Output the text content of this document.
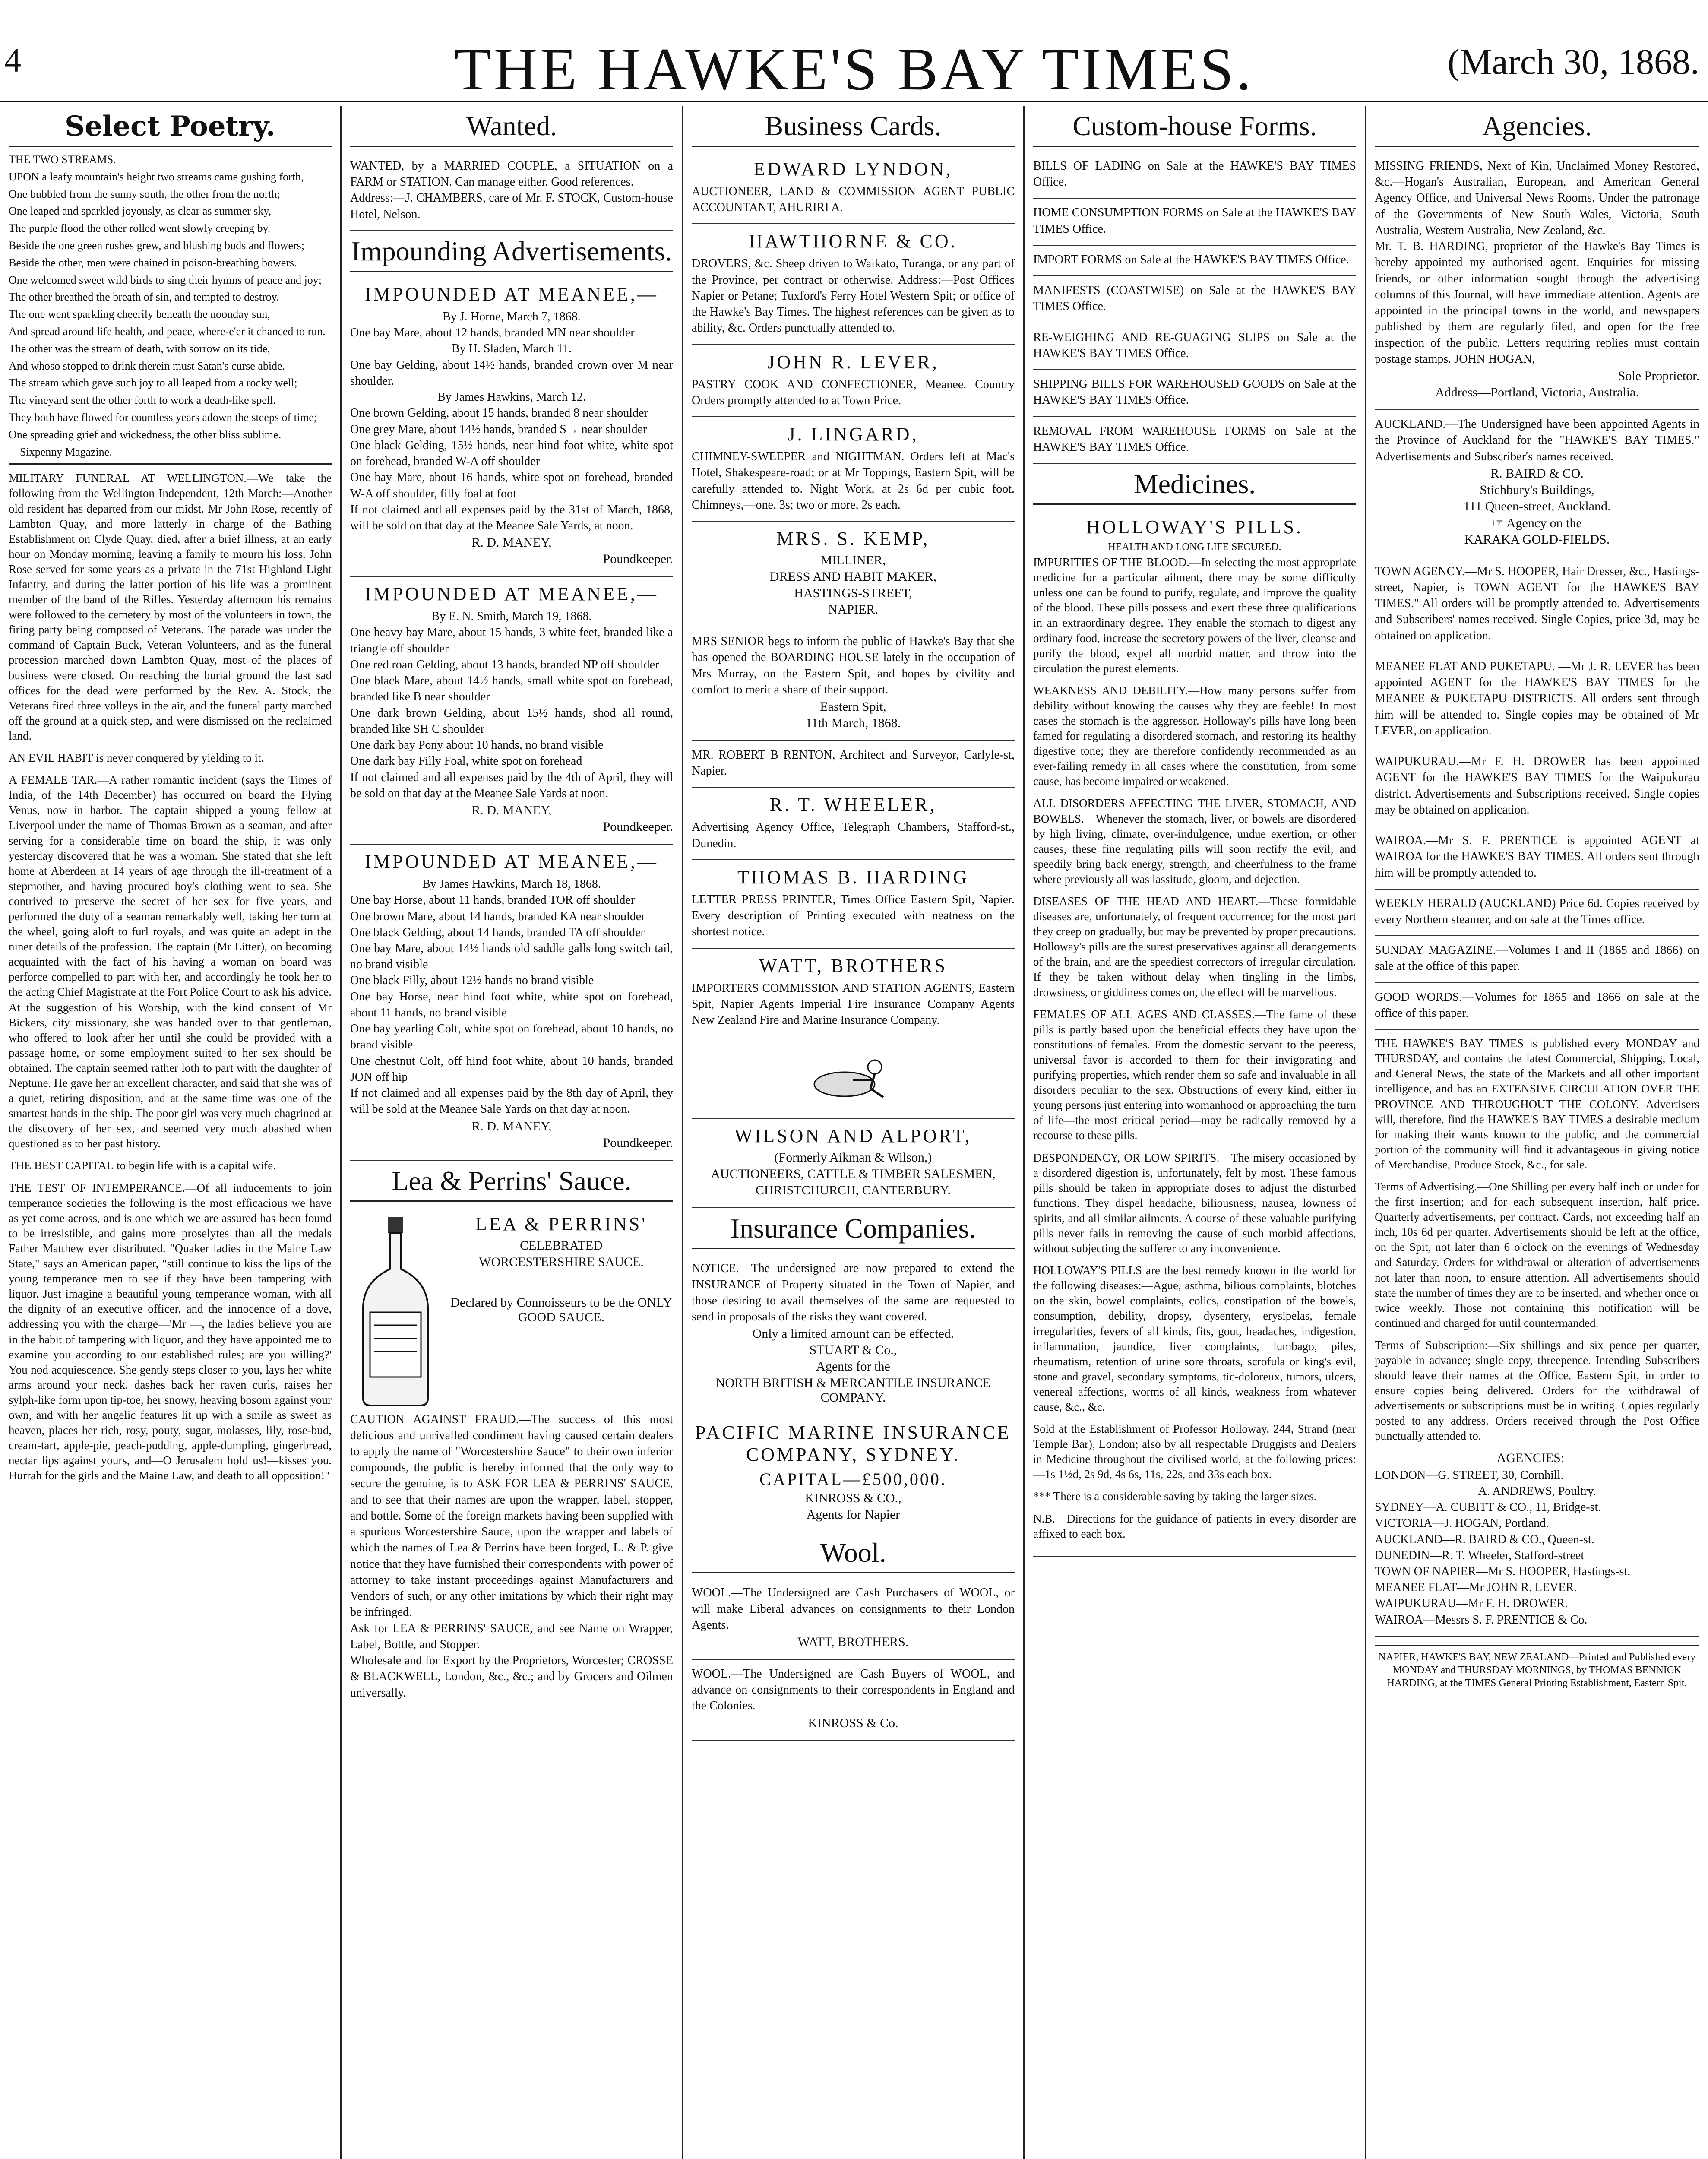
4	THE HAWKE'S BAY TIMES.	(March 30, 1868.
Select Poetry.

THE TWO STREAMS.

UPON a leafy mountain's height two streams came gushing forth,

One bubbled from the sunny south, the other from the north;

One leaped and sparkled joyously, as clear as summer sky,

The purple flood the other rolled went slowly creeping by.

Beside the one green rushes grew, and blushing buds and flowers;

Beside the other, men were chained in poison-breathing bowers.

One welcomed sweet wild birds to sing their hymns of peace and joy;

The other breathed the breath of sin, and tempted to destroy.

The one went sparkling cheerily beneath the noonday sun,

And spread around life health, and peace, where-e'er it chanced to run.

The other was the stream of death, with sorrow on its tide,

And whoso stopped to drink therein must Satan's curse abide.

The stream which gave such joy to all leaped from a rocky well;

The vineyard sent the other forth to work a death-like spell.

They both have flowed for countless years adown the steeps of time;

One spreading grief and wickedness, the other bliss sublime.

—Sixpenny Magazine.

MILITARY FUNERAL AT WELLINGTON.—We take the following from the Wellington Independent, 12th March:—Another old resident has departed from our midst. Mr John Rose, recently of Lambton Quay, and more latterly in charge of the Bathing Establishment on Clyde Quay, died, after a brief illness, at an early hour on Monday morning, leaving a family to mourn his loss. John Rose served for some years as a private in the 71st Highland Light Infantry, and during the latter portion of his life was a prominent member of the band of the Rifles. Yesterday afternoon his remains were followed to the cemetery by most of the volunteers in town, the firing party being composed of Veterans. The parade was under the command of Captain Buck, Veteran Volunteers, and as the funeral procession marched down Lambton Quay, most of the places of business were closed. On reaching the burial ground the last sad offices for the dead were performed by the Rev. A. Stock, the Veterans fired three volleys in the air, and the funeral party marched off the ground at a quick step, and were dismissed on the reclaimed land.

AN EVIL HABIT is never conquered by yielding to it.

A FEMALE TAR.—A rather romantic incident (says the Times of India, of the 14th December) has occurred on board the Flying Venus, now in harbor. The captain shipped a young fellow at Liverpool under the name of Thomas Brown as a seaman, and after serving for a considerable time on board the ship, it was only yesterday discovered that he was a woman. She stated that she left home at Aberdeen at 14 years of age through the ill-treatment of a stepmother, and having procured boy's clothing went to sea. She contrived to preserve the secret of her sex for five years, and performed the duty of a seaman remarkably well, taking her turn at the wheel, going aloft to furl royals, and was quite an adept in the niner details of the profession. The captain (Mr Litter), on becoming acquainted with the fact of his having a woman on board was perforce compelled to part with her, and accordingly he took her to the acting Chief Magistrate at the Fort Police Court to ask his advice. At the suggestion of his Worship, with the kind consent of Mr Bickers, city missionary, she was handed over to that gentleman, who offered to look after her until she could be provided with a passage home, or some employment suited to her sex should be obtained. The captain seemed rather loth to part with the daughter of Neptune. He gave her an excellent character, and said that she was of a quiet, retiring disposition, and at the same time was one of the smartest hands in the ship. The poor girl was very much chagrined at the discovery of her sex, and seemed very much abashed when questioned as to her past history.

THE BEST CAPITAL to begin life with is a capital wife.

THE TEST OF INTEMPERANCE.—Of all inducements to join temperance societies the following is the most efficacious we have as yet come across, and is one which we are assured has been found to be irresistible, and gains more proselytes than all the medals Father Matthew ever distributed. "Quaker ladies in the Maine Law State," says an American paper, "still continue to kiss the lips of the young temperance men to see if they have been tampering with liquor. Just imagine a beautiful young temperance woman, with all the dignity of an executive officer, and the innocence of a dove, addressing you with the charge—'Mr —, the ladies believe you are in the habit of tampering with liquor, and they have appointed me to examine you according to our established rules; are you willing?' You nod acquiescence. She gently steps closer to you, lays her white arms around your neck, dashes back her raven curls, raises her sylph-like form upon tip-toe, her snowy, heaving bosom against your own, and with her angelic features lit up with a smile as sweet as heaven, places her rich, rosy, pouty, sugar, molasses, lily, rose-bud, cream-tart, apple-pie, peach-pudding, apple-dumpling, gingerbread, nectar lips against yours, and—O Jerusalem hold us!—kisses you. Hurrah for the girls and the Maine Law, and death to all opposition!"

Wanted.
WANTED, by a MARRIED COUPLE, a SITUATION on a FARM or STATION. Can manage either. Good references.
Address:—J. CHAMBERS, care of Mr. F. STOCK, Custom-house Hotel, Nelson.
Impounding Advertisements.
IMPOUNDED AT MEANEE,—
By J. Horne, March 7, 1868.
One bay Mare, about 12 hands, branded MN near shoulder
By H. Sladen, March 11.
One bay Gelding, about 14½ hands, branded crown over M near shoulder.
By James Hawkins, March 12.
One brown Gelding, about 15 hands, branded 8 near shoulder
One grey Mare, about 14½ hands, branded S→ near shoulder
One black Gelding, 15½ hands, near hind foot white, white spot on forehead, branded W-A off shoulder
One bay Mare, about 16 hands, white spot on forehead, branded W-A off shoulder, filly foal at foot
If not claimed and all expenses paid by the 31st of March, 1868, will be sold on that day at the Meanee Sale Yards, at noon.
R. D. MANEY,
Poundkeeper.
IMPOUNDED AT MEANEE,—
By E. N. Smith, March 19, 1868.
One heavy bay Mare, about 15 hands, 3 white feet, branded like a triangle off shoulder
One red roan Gelding, about 13 hands, branded NP off shoulder
One black Mare, about 14½ hands, small white spot on forehead, branded like B near shoulder
One dark brown Gelding, about 15½ hands, shod all round, branded like SH C shoulder
One dark bay Pony about 10 hands, no brand visible
One dark bay Filly Foal, white spot on forehead
If not claimed and all expenses paid by the 4th of April, they will be sold on that day at the Meanee Sale Yards at noon.
R. D. MANEY,
Poundkeeper.
IMPOUNDED AT MEANEE,—
By James Hawkins, March 18, 1868.
One bay Horse, about 11 hands, branded TOR off shoulder
One brown Mare, about 14 hands, branded KA near shoulder
One black Gelding, about 14 hands, branded TA off shoulder
One bay Mare, about 14½ hands old saddle galls long switch tail, no brand visible
One black Filly, about 12½ hands no brand visible
One bay Horse, near hind foot white, white spot on forehead, about 11 hands, no brand visible
One bay yearling Colt, white spot on forehead, about 10 hands, no brand visible
One chestnut Colt, off hind foot white, about 10 hands, branded JON off hip
If not claimed and all expenses paid by the 8th day of April, they will be sold at the Meanee Sale Yards on that day at noon.
R. D. MANEY,
Poundkeeper.
Lea & Perrins' Sauce.
LEA & PERRINS'
CELEBRATED
WORCESTERSHIRE SAUCE.
Declared by Connoisseurs to be the ONLY GOOD SAUCE.
CAUTION AGAINST FRAUD.—The success of this most delicious and unrivalled condiment having caused certain dealers to apply the name of "Worcestershire Sauce" to their own inferior compounds, the public is hereby informed that the only way to secure the genuine, is to ASK FOR LEA & PERRINS' SAUCE, and to see that their names are upon the wrapper, label, stopper, and bottle. Some of the foreign markets having been supplied with a spurious Worcestershire Sauce, upon the wrapper and labels of which the names of Lea & Perrins have been forged, L. & P. give notice that they have furnished their correspondents with power of attorney to take instant proceedings against Manufacturers and Vendors of such, or any other imitations by which their right may be infringed.
Ask for LEA & PERRINS' SAUCE, and see Name on Wrapper, Label, Bottle, and Stopper.
Wholesale and for Export by the Proprietors, Worcester; CROSSE & BLACKWELL, London, &c., &c.; and by Grocers and Oilmen universally.
Business Cards.
EDWARD LYNDON,
AUCTIONEER, LAND & COMMISSION AGENT PUBLIC ACCOUNTANT, AHURIRI A.
HAWTHORNE & CO.
DROVERS, &c. Sheep driven to Waikato, Turanga, or any part of the Province, per contract or otherwise. Address:—Post Offices Napier or Petane; Tuxford's Ferry Hotel Western Spit; or office of the Hawke's Bay Times. The highest references can be given as to ability, &c. Orders punctually attended to.
JOHN R. LEVER,
PASTRY COOK AND CONFECTIONER, Meanee. Country Orders promptly attended to at Town Price.
J. LINGARD,
CHIMNEY-SWEEPER and NIGHTMAN. Orders left at Mac's Hotel, Shakespeare-road; or at Mr Toppings, Eastern Spit, will be carefully attended to. Night Work, at 2s 6d per cubic foot. Chimneys,—one, 3s; two or more, 2s each.
MRS. S. KEMP,
MILLINER,
DRESS AND HABIT MAKER,
HASTINGS-STREET,
NAPIER.
MRS SENIOR begs to inform the public of Hawke's Bay that she has opened the BOARDING HOUSE lately in the occupation of Mrs Murray, on the Eastern Spit, and hopes by civility and comfort to merit a share of their support.
Eastern Spit,
11th March, 1868.
MR. ROBERT B RENTON, Architect and Surveyor, Carlyle-st, Napier.
R. T. WHEELER,
Advertising Agency Office, Telegraph Chambers, Stafford-st., Dunedin.
THOMAS B. HARDING
LETTER PRESS PRINTER, Times Office Eastern Spit, Napier. Every description of Printing executed with neatness on the shortest notice.
WATT, BROTHERS
IMPORTERS COMMISSION AND STATION AGENTS, Eastern Spit, Napier Agents Imperial Fire Insurance Company Agents New Zealand Fire and Marine Insurance Company.
WILSON AND ALPORT,
(Formerly Aikman & Wilson,)
AUCTIONEERS, CATTLE & TIMBER SALESMEN,
CHRISTCHURCH, CANTERBURY.
Insurance Companies.
NOTICE.—The undersigned are now prepared to extend the INSURANCE of Property situated in the Town of Napier, and those desiring to avail themselves of the same are requested to send in proposals of the risks they want covered.
Only a limited amount can be effected.
STUART & Co.,
Agents for the
NORTH BRITISH & MERCANTILE INSURANCE COMPANY.
PACIFIC MARINE INSURANCE COMPANY, SYDNEY.
CAPITAL—£500,000.
KINROSS & CO.,
Agents for Napier
Wool.
WOOL.—The Undersigned are Cash Purchasers of WOOL, or will make Liberal advances on consignments to their London Agents.
WATT, BROTHERS.
WOOL.—The Undersigned are Cash Buyers of WOOL, and advance on consignments to their correspondents in England and the Colonies.
KINROSS & Co.
Custom-house Forms.
BILLS OF LADING on Sale at the HAWKE'S BAY TIMES Office.
HOME CONSUMPTION FORMS on Sale at the HAWKE'S BAY TIMES Office.
IMPORT FORMS on Sale at the HAWKE'S BAY TIMES Office.
MANIFESTS (COASTWISE) on Sale at the HAWKE'S BAY TIMES Office.
RE-WEIGHING AND RE-GUAGING SLIPS on Sale at the HAWKE'S BAY TIMES Office.
SHIPPING BILLS FOR WAREHOUSED GOODS on Sale at the HAWKE'S BAY TIMES Office.
REMOVAL FROM WAREHOUSE FORMS on Sale at the HAWKE'S BAY TIMES Office.
Medicines.
HOLLOWAY'S PILLS.
HEALTH AND LONG LIFE SECURED.

IMPURITIES OF THE BLOOD.—In selecting the most appropriate medicine for a particular ailment, there may be some difficulty unless one can be found to purify, regulate, and improve the quality of the blood. These pills possess and exert these three qualifications in an extraordinary degree. They enable the stomach to digest any ordinary food, increase the secretory powers of the liver, cleanse and purify the blood, expel all morbid matter, and throw into the circulation the purest elements.

WEAKNESS AND DEBILITY.—How many persons suffer from debility without knowing the causes why they are feeble! In most cases the stomach is the aggressor. Holloway's pills have long been famed for regulating a disordered stomach, and restoring its healthy digestive tone; they are therefore confidently recommended as an ever-failing remedy in all cases where the constitution, from some cause, has become impaired or weakened.

ALL DISORDERS AFFECTING THE LIVER, STOMACH, AND BOWELS.—Whenever the stomach, liver, or bowels are disordered by high living, climate, over-indulgence, undue exertion, or other causes, these fine regulating pills will soon rectify the evil, and speedily bring back energy, strength, and cheerfulness to the frame where previously all was lassitude, gloom, and dejection.

DISEASES OF THE HEAD AND HEART.—These formidable diseases are, unfortunately, of frequent occurrence; for the most part they creep on gradually, but may be prevented by proper precautions. Holloway's pills are the surest preservatives against all derangements of the brain, and are the speediest correctors of irregular circulation. If they be taken without delay when tingling in the limbs, drowsiness, or giddiness comes on, the effect will be marvellous.

FEMALES OF ALL AGES AND CLASSES.—The fame of these pills is partly based upon the beneficial effects they have upon the constitutions of females. From the domestic servant to the peeress, universal favor is accorded to them for their invigorating and purifying properties, which render them so safe and invaluable in all disorders peculiar to the sex. Obstructions of every kind, either in young persons just entering into womanhood or approaching the turn of life—the most critical period—may be radically removed by a recourse to these pills.

DESPONDENCY, OR LOW SPIRITS.—The misery occasioned by a disordered digestion is, unfortunately, felt by most. These famous pills should be taken in appropriate doses to adjust the disturbed functions. They dispel headache, biliousness, nausea, lowness of spirits, and all similar ailments. A course of these valuable purifying pills never fails in removing the cause of such morbid affections, without subjecting the sufferer to any inconvenience.

HOLLOWAY'S PILLS are the best remedy known in the world for the following diseases:—Ague, asthma, bilious complaints, blotches on the skin, bowel complaints, colics, constipation of the bowels, consumption, debility, dropsy, dysentery, erysipelas, female irregularities, fevers of all kinds, fits, gout, headaches, indigestion, inflammation, jaundice, liver complaints, lumbago, piles, rheumatism, retention of urine sore throats, scrofula or king's evil, stone and gravel, secondary symptoms, tic-doloreux, tumors, ulcers, venereal affections, worms of all kinds, weakness from whatever cause, &c., &c.

Sold at the Establishment of Professor Holloway, 244, Strand (near Temple Bar), London; also by all respectable Druggists and Dealers in Medicine throughout the civilised world, at the following prices:—1s 1½d, 2s 9d, 4s 6s, 11s, 22s, and 33s each box.

*** There is a considerable saving by taking the larger sizes.

N.B.—Directions for the guidance of patients in every disorder are affixed to each box.

Agencies.
MISSING FRIENDS, Next of Kin, Unclaimed Money Restored, &c.—Hogan's Australian, European, and American General Agency Office, and Universal News Rooms. Under the patronage of the Governments of New South Wales, Victoria, South Australia, Western Australia, New Zealand, &c.
Mr. T. B. HARDING, proprietor of the Hawke's Bay Times is hereby appointed my authorised agent. Enquiries for missing friends, or other information sought through the advertising columns of this Journal, will have immediate attention. Agents are appointed in the principal towns in the world, and newspapers published by them are regularly filed, and open for the free inspection of the public. Letters requiring replies must contain postage stamps. JOHN HOGAN,
Sole Proprietor.
Address—Portland, Victoria, Australia.
AUCKLAND.—The Undersigned have been appointed Agents in the Province of Auckland for the "HAWKE'S BAY TIMES." Advertisements and Subscriber's names received.
R. BAIRD & CO.
Stichbury's Buildings,
111 Queen-street, Auckland.
☞ Agency on the
KARAKA GOLD-FIELDS.
TOWN AGENCY.—Mr S. HOOPER, Hair Dresser, &c., Hastings-street, Napier, is TOWN AGENT for the HAWKE'S BAY TIMES." All orders will be promptly attended to. Advertisements and Subscribers' names received. Single Copies, price 3d, may be obtained on application.
MEANEE FLAT AND PUKETAPU. —Mr J. R. LEVER has been appointed AGENT for the HAWKE'S BAY TIMES for the MEANEE & PUKETAPU DISTRICTS. All orders sent through him will be attended to. Single copies may be obtained of Mr LEVER, on application.
WAIPUKURAU.—Mr F. H. DROWER has been appointed AGENT for the HAWKE'S BAY TIMES for the Waipukurau district. Advertisements and Subscriptions received. Single copies may be obtained on application.
WAIROA.—Mr S. F. PRENTICE is appointed AGENT at WAIROA for the HAWKE'S BAY TIMES. All orders sent through him will be promptly attended to.
WEEKLY HERALD (AUCKLAND) Price 6d. Copies received by every Northern steamer, and on sale at the Times office.
SUNDAY MAGAZINE.—Volumes I and II (1865 and 1866) on sale at the office of this paper.
GOOD WORDS.—Volumes for 1865 and 1866 on sale at the office of this paper.

THE HAWKE'S BAY TIMES is published every MONDAY and THURSDAY, and contains the latest Commercial, Shipping, Local, and General News, the state of the Markets and all other important intelligence, and has an EXTENSIVE CIRCULATION OVER THE PROVINCE AND THROUGHOUT THE COLONY. Advertisers will, therefore, find the HAWKE'S BAY TIMES a desirable medium for making their wants known to the public, and the commercial portion of the community will find it advantageous in giving notice of Merchandise, Produce Stock, &c., for sale.

Terms of Advertising.—One Shilling per every half inch or under for the first insertion; and for each subsequent insertion, half price. Quarterly advertisements, per contract. Cards, not exceeding half an inch, 10s 6d per quarter. Advertisements should be left at the office, on the Spit, not later than 6 o'clock on the evenings of Wednesday and Saturday. Orders for withdrawal or alteration of advertisements not later than noon, to ensure attention. All advertisements should state the number of times they are to be inserted, and whether once or twice weekly. Those not containing this notification will be continued and charged for until countermanded.

Terms of Subscription:—Six shillings and six pence per quarter, payable in advance; single copy, threepence. Intending Subscribers should leave their names at the Office, Eastern Spit, in order to ensure copies being delivered. Orders for the withdrawal of advertisements or subscriptions must be in writing. Copies regularly posted to any address. Orders received through the Post Office punctually attended to.

AGENCIES:—
LONDON—G. STREET, 30, Cornhill.
A. ANDREWS, Poultry.
SYDNEY—A. CUBITT & CO., 11, Bridge-st.
VICTORIA—J. HOGAN, Portland.
AUCKLAND—R. BAIRD & CO., Queen-st.
DUNEDIN—R. T. Wheeler, Stafford-street
TOWN OF NAPIER—Mr S. HOOPER, Hastings-st.
MEANEE FLAT—Mr JOHN R. LEVER.
WAIPUKURAU—Mr F. H. DROWER.
WAIROA—Messrs S. F. PRENTICE & Co.
NAPIER, HAWKE'S BAY, NEW ZEALAND—Printed and Published every MONDAY and THURSDAY MORNINGS, by THOMAS BENNICK HARDING, at the TIMES General Printing Establishment, Eastern Spit.
